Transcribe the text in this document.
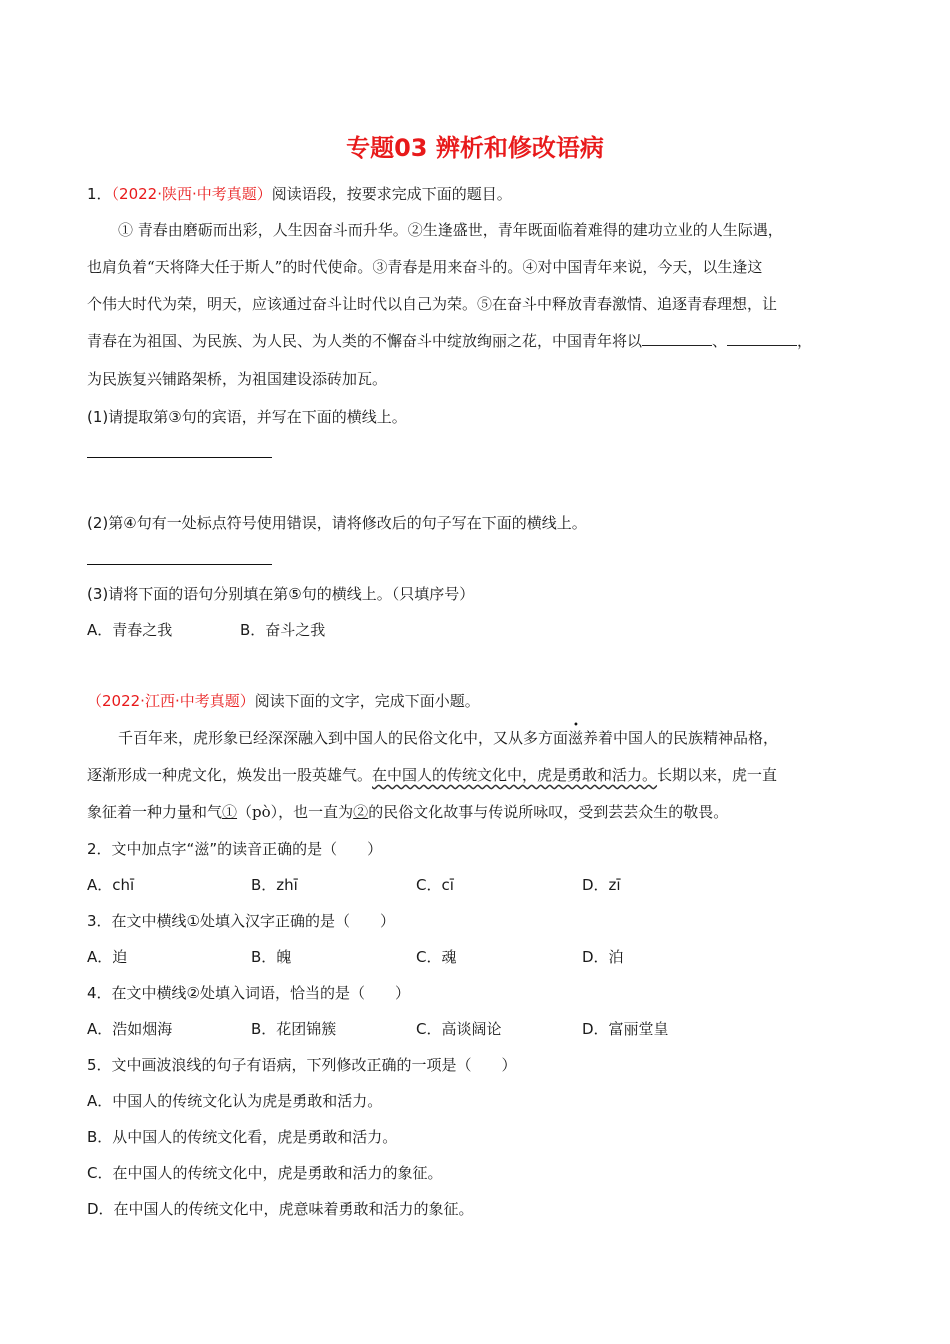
专题03 辨析和修改语病
1．（2022·陕西·中考真题）阅读语段，按要求完成下面的题目。
① 青春由磨砺而出彩，人生因奋斗而升华。②生逢盛世，青年既面临着难得的建功立业的人生际遇，
也肩负着“天将降大任于斯人”的时代使命。③青春是用来奋斗的。④对中国青年来说，今天，以生逢这
个伟大时代为荣，明天，应该通过奋斗让时代以自己为荣。⑤在奋斗中释放青春激情、追逐青春理想，让
青春在为祖国、为民族、为人民、为人类的不懈奋斗中绽放绚丽之花，中国青年将以	、	，
为民族复兴铺路架桥，为祖国建设添砖加瓦。
(1)请提取第③句的宾语，并写在下面的横线上。
(2)第④句有一处标点符号使用错误，请将修改后的句子写在下面的横线上。
(3)请将下面的语句分别填在第⑤句的横线上。（只填序号）
A．青春之我	B．奋斗之我
（2022·江西·中考真题）阅读下面的文字，完成下面小题。
千百年来，虎形象已经深深融入到中国人的民俗文化中，又从多方面滋养着中国人的民族精神品格，
逐渐形成一种虎文化，焕发出一股英雄气。在中国人的传统文化中，虎是勇敢和活力。长期以来，虎一直
象征着一种力量和气①（pò），也一直为②的民俗文化故事与传说所咏叹，受到芸芸众生的敬畏。
2．文中加点字“滋”的读音正确的是（　　）
A．chī	B．zhī	C．cī	D．zī
3．在文中横线①处填入汉字正确的是（　　）
A．迫	B．魄	C．魂	D．泊
4．在文中横线②处填入词语，恰当的是（　　）
A．浩如烟海	B．花团锦簇	C．高谈阔论	D．富丽堂皇
5．文中画波浪线的句子有语病，下列修改正确的一项是（　　）
A．中国人的传统文化认为虎是勇敢和活力。
B．从中国人的传统文化看，虎是勇敢和活力。
C．在中国人的传统文化中，虎是勇敢和活力的象征。
D．在中国人的传统文化中，虎意味着勇敢和活力的象征。
